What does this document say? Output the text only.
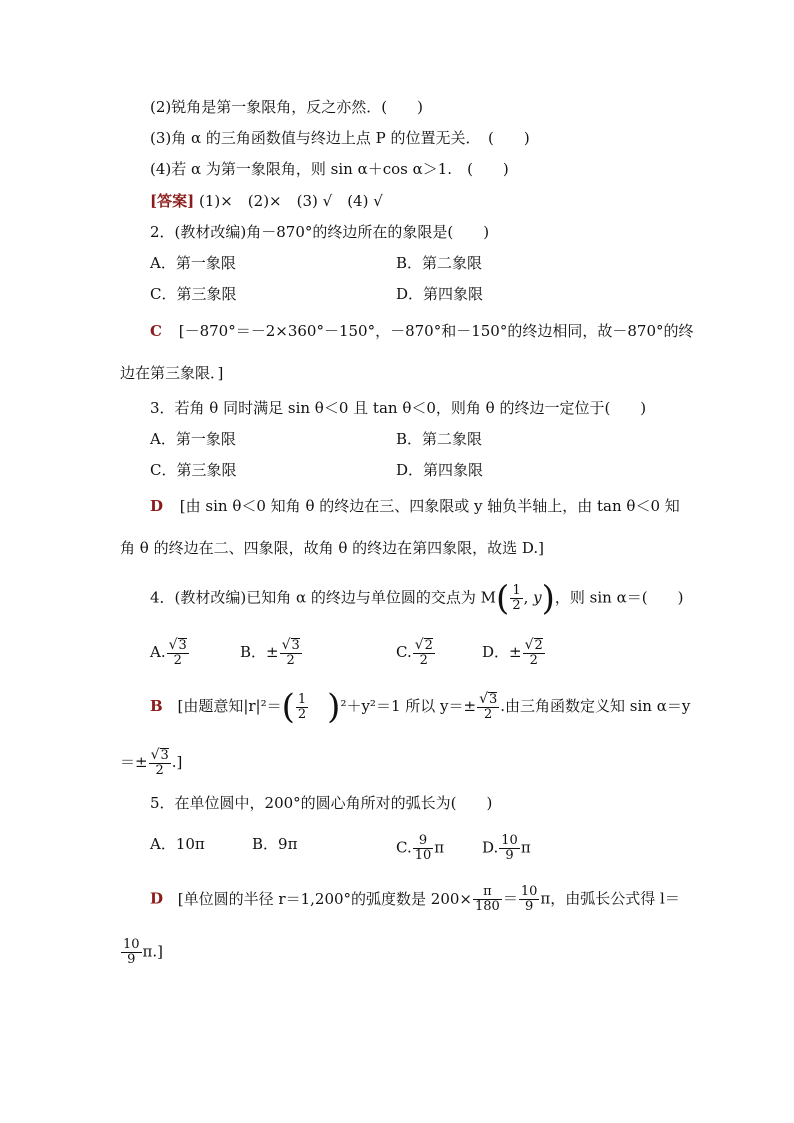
(2)锐角是第一象限角，反之亦然．(　　)
(3)角 α 的三角函数值与终边上点 P 的位置无关．　(　　)
(4)若 α 为第一象限角，则 sin α＋cos α＞1.　(　　)
[答案] (1)×　(2)×　(3) √　(4) √
2．(教材改编)角－870°的终边所在的象限是(　　)
A．第一象限	B．第二象限
C．第三象限	D．第四象限
C [－870°＝－2×360°－150°，－870°和－150°的终边相同，故－870°的终
边在第三象限．]
3．若角 θ 同时满足 sin θ＜0 且 tan θ＜0，则角 θ 的终边一定位于(　　)
A．第一象限	B．第二象限
C．第三象限	D．第四象限
D [由 sin θ＜0 知角 θ 的终边在三、四象限或 y 轴负半轴上，由 tan θ＜0 知
角 θ 的终边在二、四象限，故角 θ 的终边在第四象限，故选 D.]
4．(教材改编)已知角 α 的终边与单位圆的交点为 $M( \frac{1}{2}$ , y)，则 sin α＝(　　)
A. $\frac{√3}{2}$	B．± $\frac{√3}{2}$	C. $\frac{√2}{2}$	D．± $\frac{√2}{2}$
B [由题意知$|r|^2=( \frac{1}{2} )^2+y^2=1$ 所以 $y=\pm \frac{√3}{2}$ .由三角函数定义知 sin α＝y
＝± $\frac{√3}{2}$ .]
5．在单位圆中，200°的圆心角所对的弧长为(　　)
A．10π	B．9π	C. $\frac{9}{10}$ π	D. $\frac{10}{9}$ π
D [单位圆的半径 r＝1,200°的弧度数是 $200\times \frac{\pi}{180} = \frac{10}{9}$ π，由弧长公式得 l＝
$\frac{10}{9} \pi$.]
